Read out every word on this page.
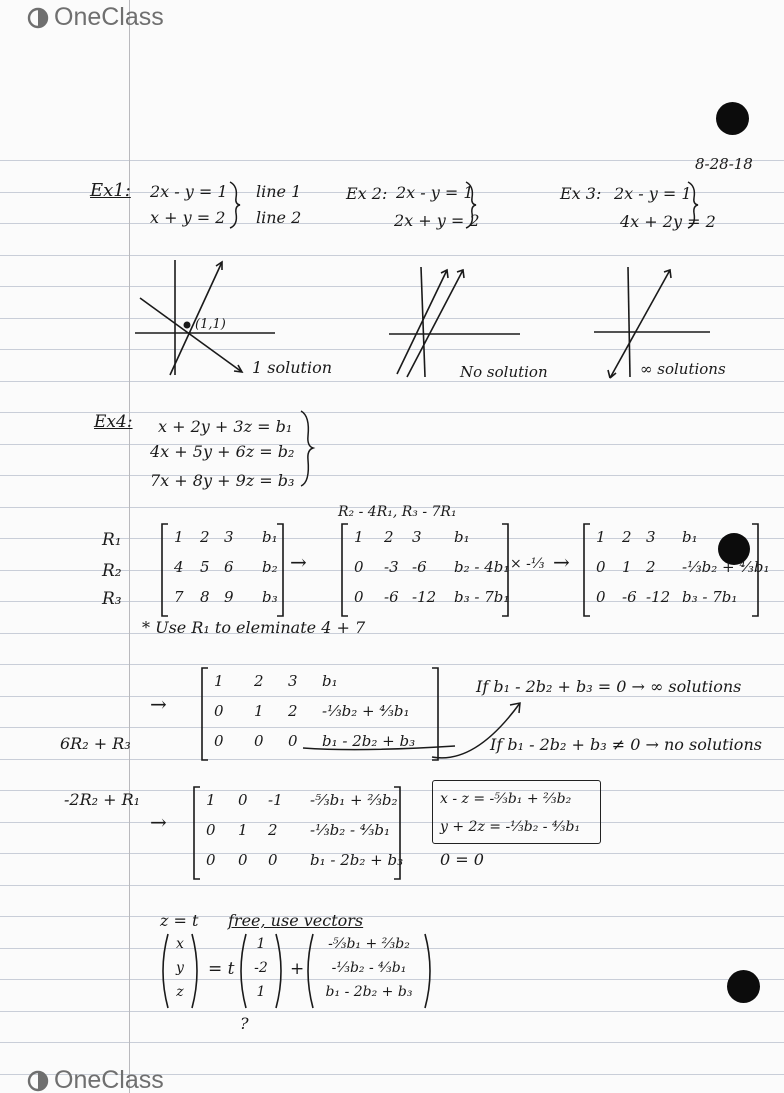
OneClass
OneClass
8-28-18
Ex1: 2x - y = 1
x + y = 2
line 1
line 2
Ex 2: 2x - y = 1
2x + y = 2
Ex 3: 2x - y = 1
4x + 2y = 2
(1,1)
1 solution	No solution	∞ solutions
Ex4: x + 2y + 3z = b₁
4x + 5y + 6z = b₂
7x + 8y + 9z = b₃
R₂ - 4R₁, R₃ - 7R₁
R₁
R₂
R₃
1 2 3 b₁
4 5 6 b₂
7 8 9 b₃
→
1 2 3 b₁
0 -3 -6 b₂ - 4b₁
0 -6 -12 b₃ - 7b₁
× -⅓ →
1 2 3 b₁
0 1 2 -⅓b₂ + ⁴⁄₃b₁
0 -6 -12 b₃ - 7b₁
* Use R₁ to eleminate 4 + 7
→
1 2 3 b₁
0 1 2 -⅓b₂ + ⁴⁄₃b₁
0 0 0 b₁ - 2b₂ + b₃
6R₂ + R₃
If b₁ - 2b₂ + b₃ = 0 → ∞ solutions
If b₁ - 2b₂ + b₃ ≠ 0 → no solutions
-2R₂ + R₁
→
1 0 -1 -⁵⁄₃b₁ + ⅔b₂
0 1 2 -⅓b₂ - ⁴⁄₃b₁
0 0 0 b₁ - 2b₂ + b₃
x - z = -⁵⁄₃b₁ + ⅔b₂
y + 2z = -⅓b₂ - ⁴⁄₃b₁
0 = 0
z = t free, use vectors
x
y
z
= t
1
-2
1
+
-⁵⁄₃b₁ + ⅔b₂
-⅓b₂ - ⁴⁄₃b₁
b₁ - 2b₂ + b₃
?
